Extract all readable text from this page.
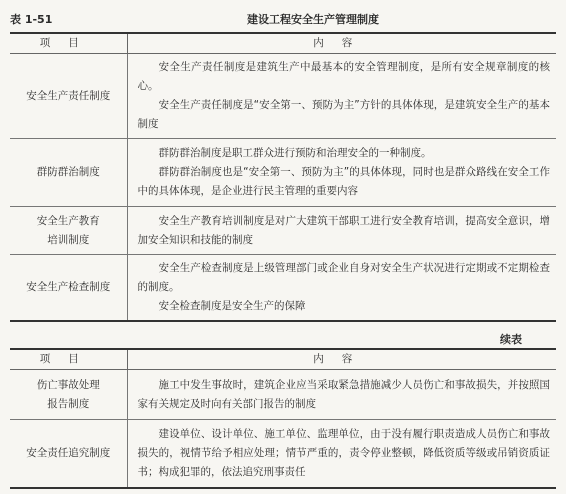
表 1-51	建设工程安全生产管理制度
项目	内容
安全生产责任制度	安全生产责任制度是建筑生产中最基本的安全管理制度，是所有安全规章制度的核心。

安全生产责任制度是“安全第一、预防为主”方针的具体体现，是建筑安全生产的基本制度

群防群治制度	群防群治制度是职工群众进行预防和治理安全的一种制度。

群防群治制度也是“安全第一、预防为主”的具体体现，同时也是群众路线在安全工作中的具体体现，是企业进行民主管理的重要内容

安全生产教育培训制度	安全生产教育培训制度是对广大建筑干部职工进行安全教育培训，提高安全意识，增加安全知识和技能的制度

安全生产检查制度	安全生产检查制度是上级管理部门或企业自身对安全生产状况进行定期或不定期检查的制度。

安全检查制度是安全生产的保障

续表
项目	内容
伤亡事故处理报告制度	施工中发生事故时，建筑企业应当采取紧急措施减少人员伤亡和事故损失，并按照国家有关规定及时向有关部门报告的制度

安全责任追究制度	建设单位、设计单位、施工单位、监理单位，由于没有履行职责造成人员伤亡和事故损失的，视情节给予相应处理；情节严重的，责令停业整顿，降低资质等级或吊销资质证书；构成犯罪的，依法追究刑事责任
